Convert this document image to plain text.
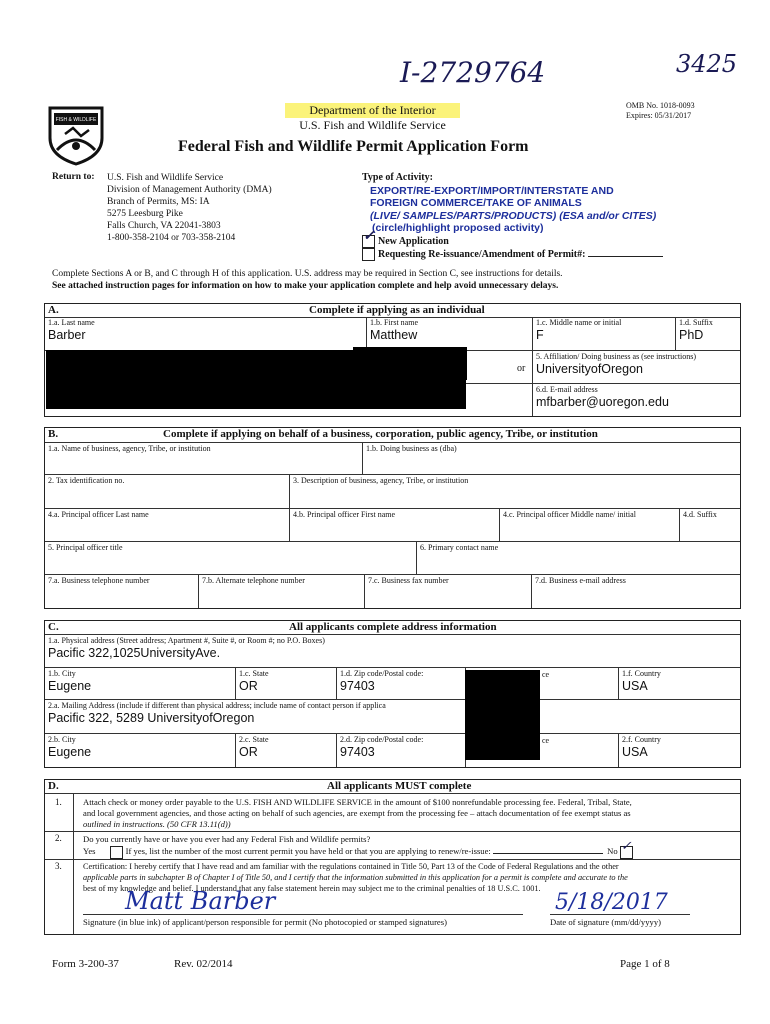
I-2729764	3425
FISH & WILDLIFE
Department of the Interior
U.S. Fish and Wildlife Service
OMB No. 1018-0093
Expires: 05/31/2017
Federal Fish and Wildlife Permit Application Form
Return to: U.S. Fish and Wildlife Service
Division of Management Authority (DMA)
Branch of Permits, MS: IA
5275 Leesburg Pike
Falls Church, VA 22041-3803
1-800-358-2104 or 703-358-2104
Type of Activity:
EXPORT/RE-EXPORT/IMPORT/INTERSTATE AND
FOREIGN COMMERCE/TAKE OF ANIMALS
(LIVE/ SAMPLES/PARTS/PRODUCTS) (ESA and/or CITES)
(circle/highlight proposed activity)
✓ New Application
Requesting Re-issuance/Amendment of Permit#:
Complete Sections A or B, and C through H of this application. U.S. address may be required in Section C, see instructions for details.
See attached instruction pages for information on how to make your application complete and help avoid unnecessary delays.
A.	Complete if applying as an individual
1.a. Last name
Barber
1.b. First name
Matthew
1.c. Middle name or initial
F
1.d. Suffix
PhD
or
5. Affiliation/ Doing business as (see instructions)
UniversityofOregon
6.d. E-mail address
mfbarber@uoregon.edu
B.	Complete if applying on behalf of a business, corporation, public agency, Tribe, or institution
1.a. Name of business, agency, Tribe, or institution	1.b. Doing business as (dba)
2. Tax identification no.	3. Description of business, agency, Tribe, or institution
4.a. Principal officer Last name	4.b. Principal officer First name	4.c. Principal officer Middle name/ initial	4.d. Suffix
5. Principal officer title	6. Primary contact name
7.a. Business telephone number	7.b. Alternate telephone number	7.c. Business fax number	7.d. Business e-mail address
C.	All applicants complete address information
1.a. Physical address (Street address; Apartment #, Suite #, or Room #; no P.O. Boxes)
Pacific 322,1025UniversityAve.
1.b. City
Eugene
1.c. State
OR
1.d. Zip code/Postal code:
97403
ce	1.f. Country
USA
2.a. Mailing Address (include if different than physical address; include name of contact person if applica
Pacific 322, 5289 UniversityofOregon
2.b. City
Eugene
2.c. State
OR
2.d. Zip code/Postal code:
97403
ce	2.f. Country
USA
D.	All applicants MUST complete
1. Attach check or money order payable to the U.S. FISH AND WILDLIFE SERVICE in the amount of $100 nonrefundable processing fee. Federal, Tribal, State,
and local government agencies, and those acting on behalf of such agencies, are exempt from the processing fee – attach documentation of fee exempt status as
outlined in instructions. (50 CFR 13.11(d))
2. Do you currently have or have you ever had any Federal Fish and Wildlife permits?
Yes	If yes, list the number of the most current permit you have held or that you are applying to renew/re-issue:	No ✓
3.	Certification: I hereby certify that I have read and am familiar with the regulations contained in Title 50, Part 13 of the Code of Federal Regulations and the other
applicable parts in subchapter B of Chapter I of Title 50, and I certify that the information submitted in this application for a permit is complete and accurate to the
best of my knowledge and belief. I understand that any false statement herein may subject me to the criminal penalties of 18 U.S.C. 1001.
Matt Barber	5/18/2017
Signature (in blue ink) of applicant/person responsible for permit (No photocopied or stamped signatures)	Date of signature (mm/dd/yyyy)
Form 3-200-37	Rev. 02/2014	Page 1 of 8
